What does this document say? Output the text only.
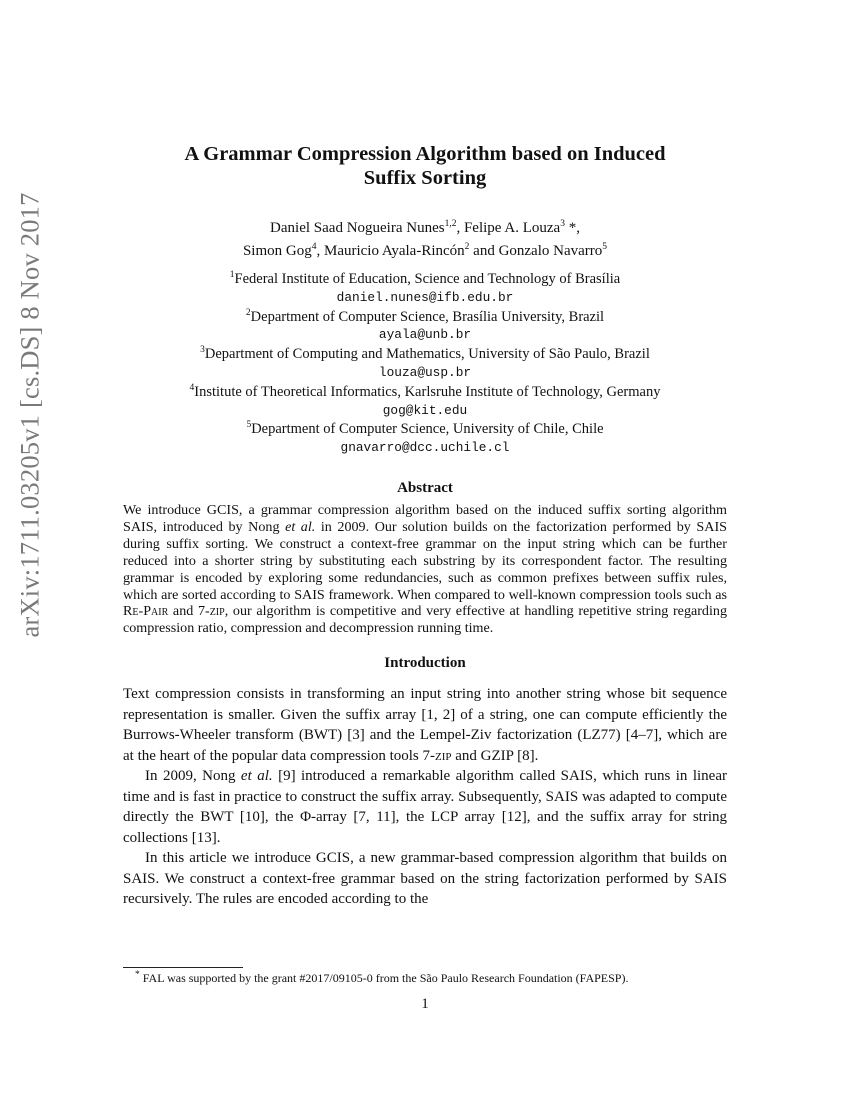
arXiv:1711.03205v1 [cs.DS] 8 Nov 2017
A Grammar Compression Algorithm based on Induced
Suffix Sorting
Daniel Saad Nogueira Nunes$^{1,2}$, Felipe A. Louza$^3$ *,
Simon Gog$^4$, Mauricio Ayala-Rincón$^2$ and Gonzalo Navarro$^5$
$^1$Federal Institute of Education, Science and Technology of Brasília
daniel.nunes@ifb.edu.br
$^2$Department of Computer Science, Brasília University, Brazil
ayala@unb.br
$^3$Department of Computing and Mathematics, University of São Paulo, Brazil
louza@usp.br
$^4$Institute of Theoretical Informatics, Karlsruhe Institute of Technology, Germany
gog@kit.edu
$^5$Department of Computer Science, University of Chile, Chile
gnavarro@dcc.uchile.cl
Abstract
We introduce GCIS, a grammar compression algorithm based on the induced suffix sorting algorithm SAIS, introduced by Nong et al. in 2009. Our solution builds on the factorization performed by SAIS during suffix sorting. We construct a context-free grammar on the input string which can be further reduced into a shorter string by substituting each substring by its correspondent factor. The resulting grammar is encoded by exploring some redundancies, such as common prefixes between suffix rules, which are sorted according to SAIS framework. When compared to well-known compression tools such as Re-Pair and 7-zip, our algorithm is competitive and very effective at handling repetitive string regarding compression ratio, compression and decompression running time.
Introduction

Text compression consists in transforming an input string into another string whose bit sequence representation is smaller. Given the suffix array [1, 2] of a string, one can compute efficiently the Burrows-Wheeler transform (BWT) [3] and the Lempel-Ziv factorization (LZ77) [4–7], which are at the heart of the popular data compression tools 7-zip and GZIP [8].

In 2009, Nong et al. [9] introduced a remarkable algorithm called SAIS, which runs in linear time and is fast in practice to construct the suffix array. Subsequently, SAIS was adapted to compute directly the BWT [10], the Φ-array [7, 11], the LCP array [12], and the suffix array for string collections [13].

In this article we introduce GCIS, a new grammar-based compression algorithm that builds on SAIS. We construct a context-free grammar based on the string factorization performed by SAIS recursively. The rules are encoded according to the

* FAL was supported by the grant #2017/09105-0 from the São Paulo Research Foundation (FAPESP).
1
